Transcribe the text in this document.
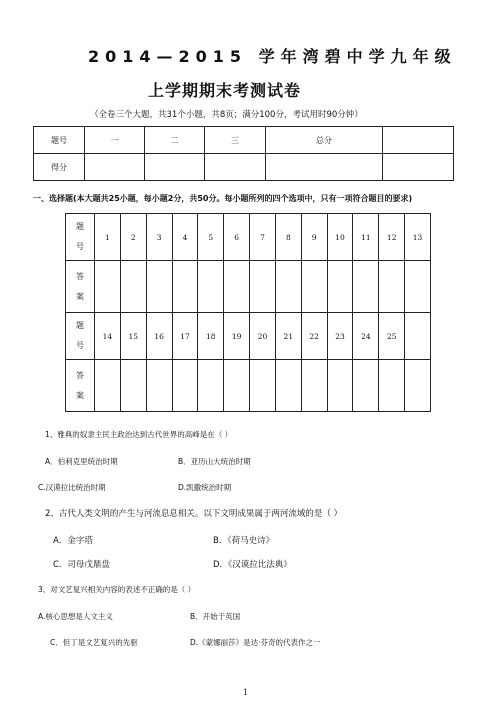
2014—2015 学年湾碧中学九年级
上学期期末考测试卷
（全卷三个大题，共31个小题，共8页；满分100分，考试用时90分钟）
题号	一	二	三	总分	
得分					
一、选择题(本大题共25小题，每小题2分，共50分。每小题所列的四个选项中，只有一项符合题目的要求)
题
号	1	2	3	4	5	6	7	8	9	10	11	12	13
答
案													
题
号	14	15	16	17	18	19	20	21	22	23	24	25	
答
案													
1、雅典的奴隶主民主政治达到古代世界的高峰是在（ ）
A．伯利克里统治时期	B．亚历山大统治时期
C.汉谟拉比统治时期	D.凯撒统治时期
2、古代人类文明的产生与河流息息相关。以下文明成果属于两河流域的是（ ）
A．金字塔	B．《荷马史诗》
C．司母戊鼎盘	D．《汉谟拉比法典》
3、对文艺复兴相关内容的表述不正确的是（ ）
A.核心思想是人文主义	B．开始于英国
C．但丁是文艺复兴的先驱	D.《蒙娜丽莎》是达·芬奇的代表作之一
1
